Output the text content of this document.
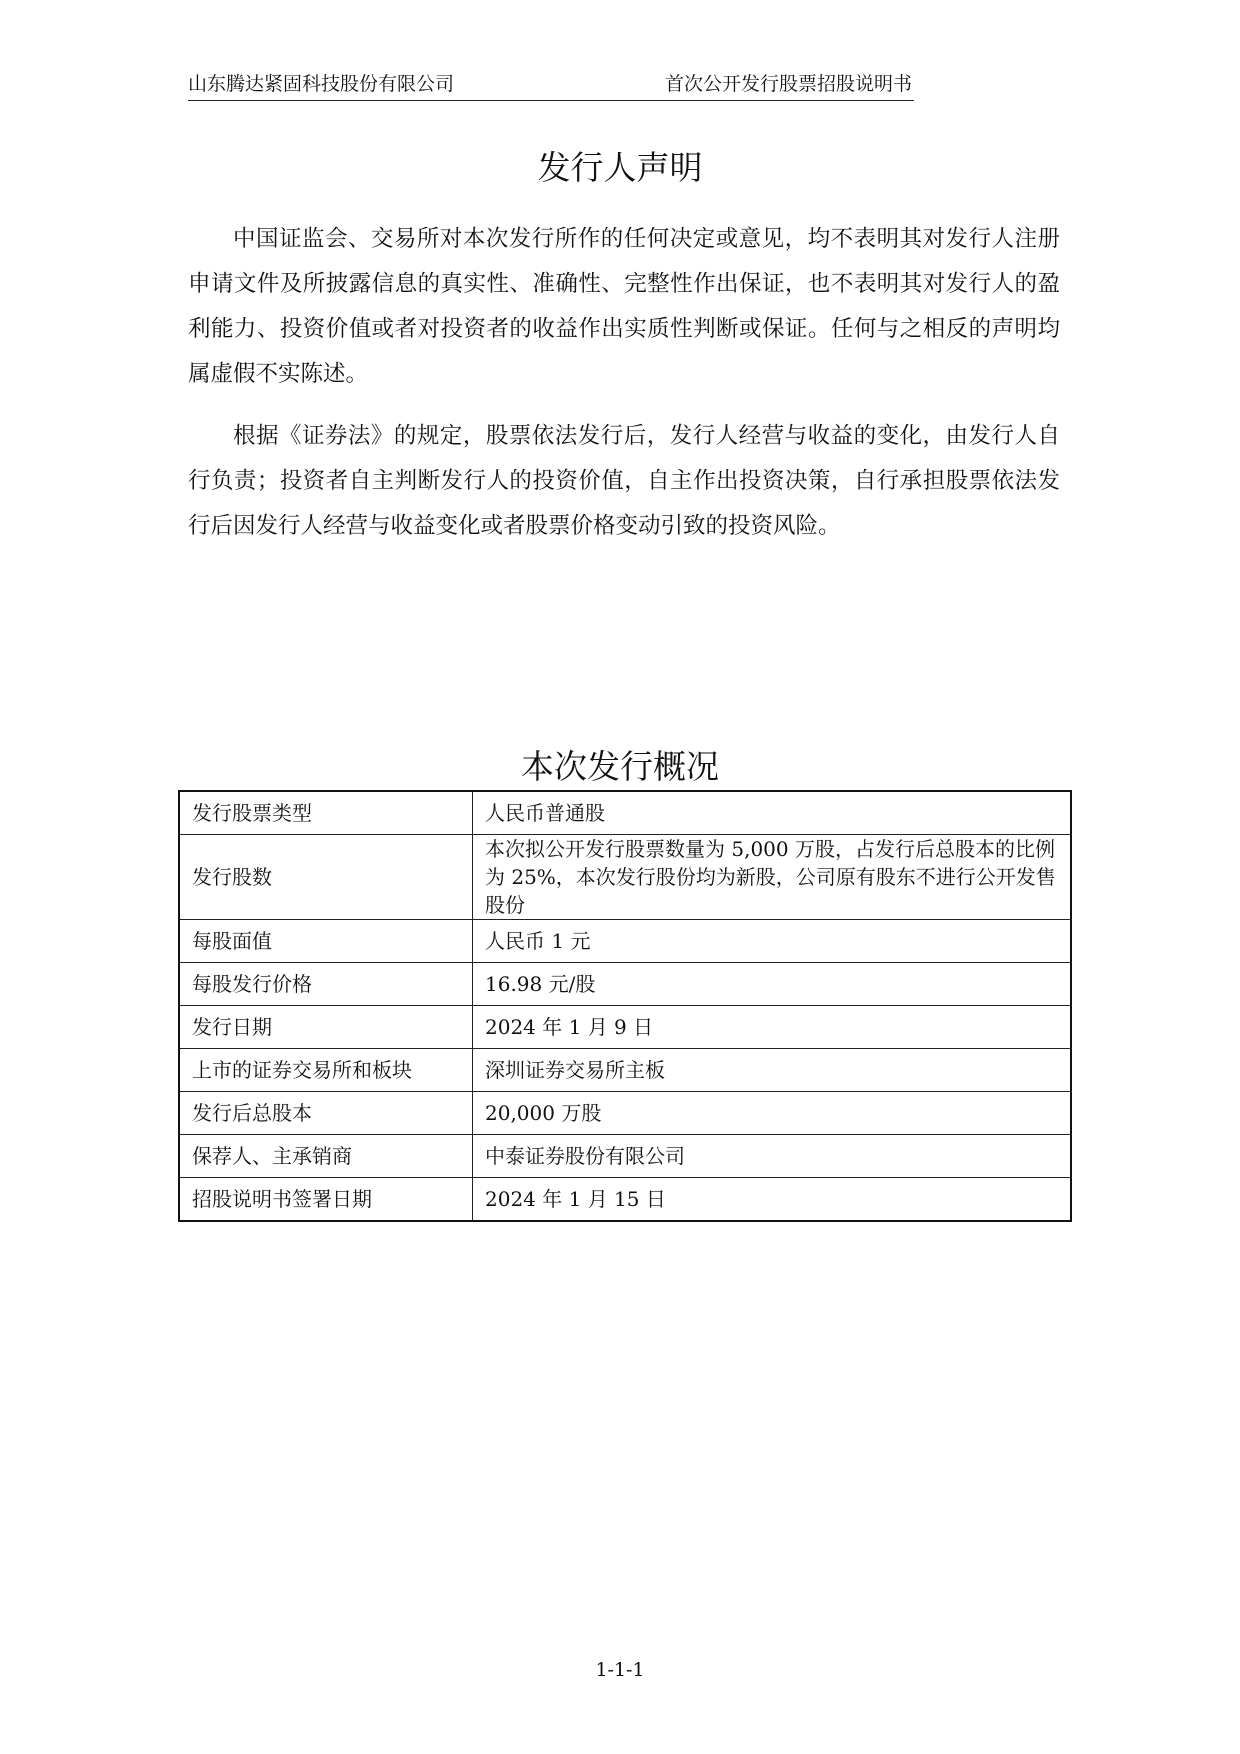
山东腾达紧固科技股份有限公司	首次公开发行股票招股说明书
发行人声明

中国证监会、交易所对本次发行所作的任何决定或意见，均不表明其对发行人注册申请文件及所披露信息的真实性、准确性、完整性作出保证，也不表明其对发行人的盈利能力、投资价值或者对投资者的收益作出实质性判断或保证。任何与之相反的声明均属虚假不实陈述。

根据《证券法》的规定，股票依法发行后，发行人经营与收益的变化，由发行人自行负责；投资者自主判断发行人的投资价值，自主作出投资决策，自行承担股票依法发行后因发行人经营与收益变化或者股票价格变动引致的投资风险。

本次发行概况
发行股票类型	人民币普通股
发行股数	本次拟公开发行股票数量为 5,000 万股，占发行后总股本的比例为 25%，本次发行股份均为新股，公司原有股东不进行公开发售股份
每股面值	人民币 1 元
每股发行价格	16.98 元/股
发行日期	2024 年 1 月 9 日
上市的证券交易所和板块	深圳证券交易所主板
发行后总股本	20,000 万股
保荐人、主承销商	中泰证券股份有限公司
招股说明书签署日期	2024 年 1 月 15 日
1-1-1
